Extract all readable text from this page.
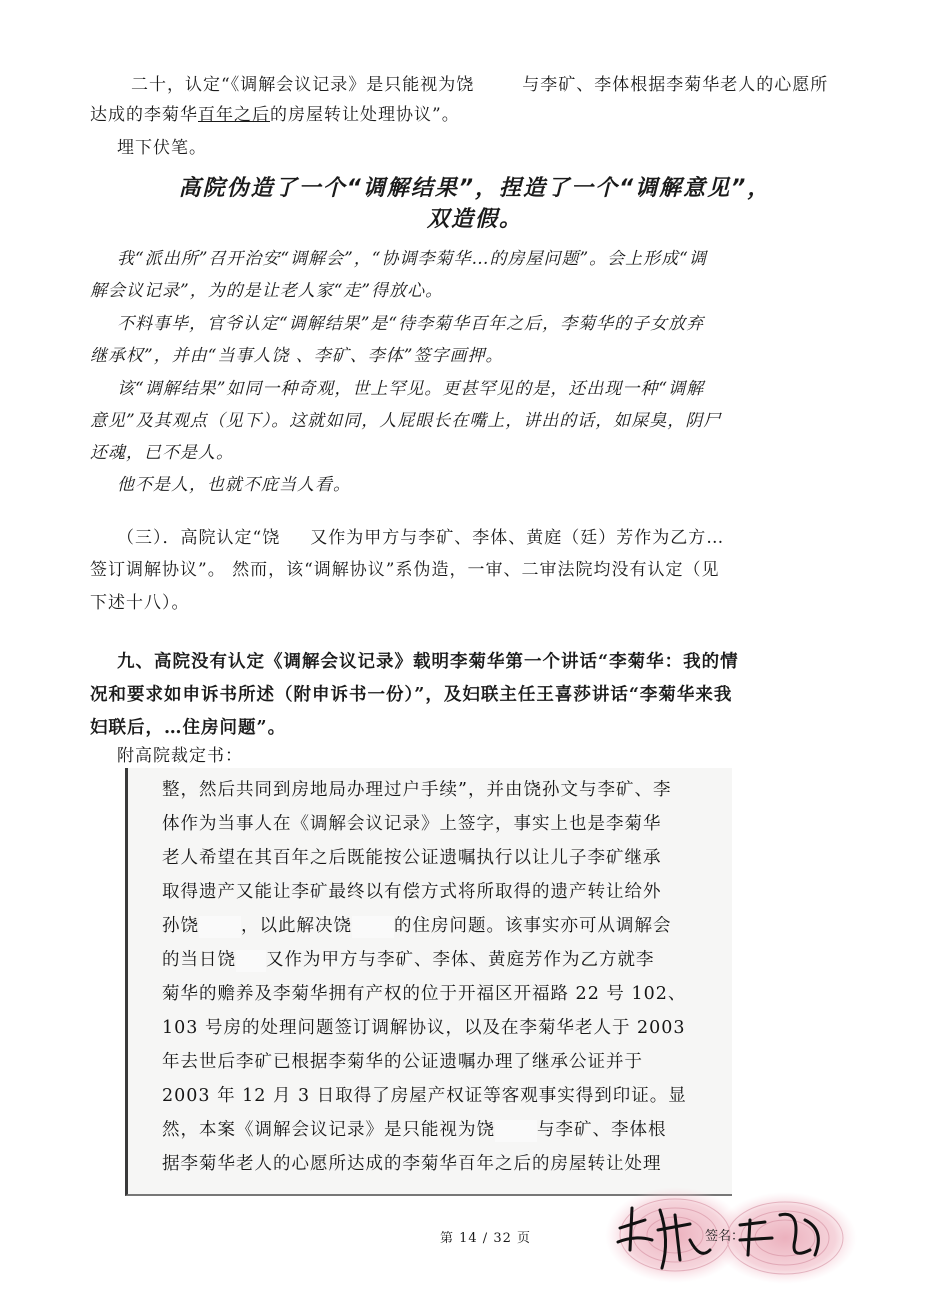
二十，认定“《调解会议记录》是只能视为饶	与李矿、李体根据李菊华老人的心愿所
达成的李菊华百年之后的房屋转让处理协议”。
埋下伏笔。
高院伪造了一个“调解结果”，捏造了一个“调解意见”，
双造假。
我“派出所”召开治安“调解会”，“协调李菊华…的房屋问题”。会上形成“调
解会议记录”，为的是让老人家“走”得放心。
不料事毕，官爷认定“调解结果”是“待李菊华百年之后，李菊华的子女放弃
继承权”，并由“当事人饶 、李矿、李体”签字画押。
该“调解结果”如同一种奇观，世上罕见。更甚罕见的是，还出现一种“调解
意见”及其观点（见下）。这就如同，人屁眼长在嘴上，讲出的话，如屎臭，阴尸
还魂，已不是人。
他不是人，也就不庇当人看。
（三）．高院认定“饶 又作为甲方与李矿、李体、黄庭（廷）芳作为乙方…
签订调解协议”。 然而，该“调解协议”系伪造，一审、二审法院均没有认定（见
下述十八）。
九、高院没有认定《调解会议记录》载明李菊华第一个讲话“李菊华：我的情
况和要求如申诉书所述（附申诉书一份）”，及妇联主任王喜莎讲话“李菊华来我
妇联后，…住房问题”。
附高院裁定书：
整，然后共同到房地局办理过户手续”，并由饶孙文与李矿、李
体作为当事人在《调解会议记录》上签字，事实上也是李菊华
老人希望在其百年之后既能按公证遗嘱执行以让儿子李矿继承
取得遗产又能让李矿最终以有偿方式将所取得的遗产转让给外
孙饶 ，以此解决饶 的住房问题。该事实亦可从调解会
的当日饶 又作为甲方与李矿、李体、黄庭芳作为乙方就李
菊华的赡养及李菊华拥有产权的位于开福区开福路 22 号 102、
103 号房的处理问题签订调解协议，以及在李菊华老人于 2003
年去世后李矿已根据李菊华的公证遗嘱办理了继承公证并于
2003 年 12 月 3 日取得了房屋产权证等客观事实得到印证。显
然，本案《调解会议记录》是只能视为饶 与李矿、李体根
据李菊华老人的心愿所达成的李菊华百年之后的房屋转让处理
第 14 / 32 页	签名：
